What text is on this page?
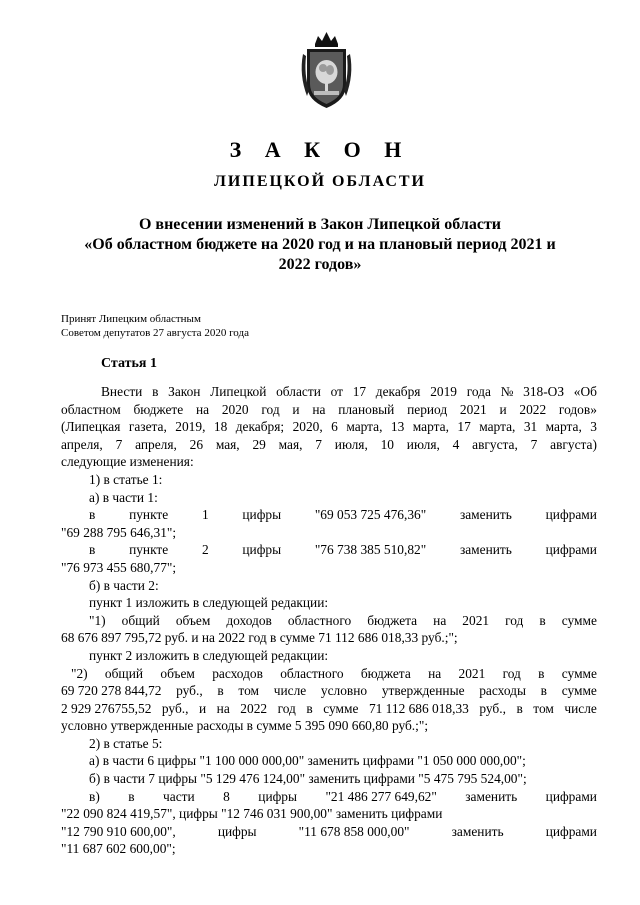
З А К О Н
ЛИПЕЦКОЙ ОБЛАСТИ
О внесении изменений в Закон Липецкой области
«Об областном бюджете на 2020 год и на плановый период 2021 и
2022 годов»
Принят Липецким областным
Советом депутатов 27 августа 2020 года
Статья 1
Внести в Закон Липецкой области от 17 декабря 2019 года № 318-ОЗ «Об
областном бюджете на 2020 год и на плановый период 2021 и 2022 годов»
(Липецкая газета, 2019, 18 декабря; 2020, 6 марта, 13 марта, 17 марта, 31 марта, 3
апреля, 7 апреля, 26 мая, 29 мая, 7 июля, 10 июля, 4 августа, 7 августа)
следующие изменения:
1) в статье 1:
а) в части 1:
в	пункте	1	цифры	"69 053 725 476,36"	заменить	цифрами
"69 288 795 646,31";
в	пункте	2	цифры	"76 738 385 510,82"	заменить	цифрами
"76 973 455 680,77";
б) в части 2:
пункт 1 изложить в следующей редакции:
"1) общий объем доходов областного бюджета на 2021 год в сумме
68 676 897 795,72 руб. и на 2022 год в сумме 71 112 686 018,33 руб.;";
пункт 2 изложить в следующей редакции:
"2) общий объем расходов областного бюджета на 2021 год в сумме
69 720 278 844,72 руб., в том числе условно утвержденные расходы в сумме
2 929 276755,52 руб., и на 2022 год в сумме 71 112 686 018,33 руб., в том числе
условно утвержденные расходы в сумме 5 395 090 660,80 руб.;";
2) в статье 5:
а) в части 6 цифры "1 100 000 000,00" заменить цифрами "1 050 000 000,00";
б) в части 7 цифры "5 129 476 124,00" заменить цифрами "5 475 795 524,00";
в) в части 8 цифры "21 486 277 649,62" заменить цифрами
"22 090 824 419,57", цифры "12 746 031 900,00" заменить цифрами
"12 790 910 600,00",	цифры	"11 678 858 000,00"	заменить	цифрами
"11 687 602 600,00";
